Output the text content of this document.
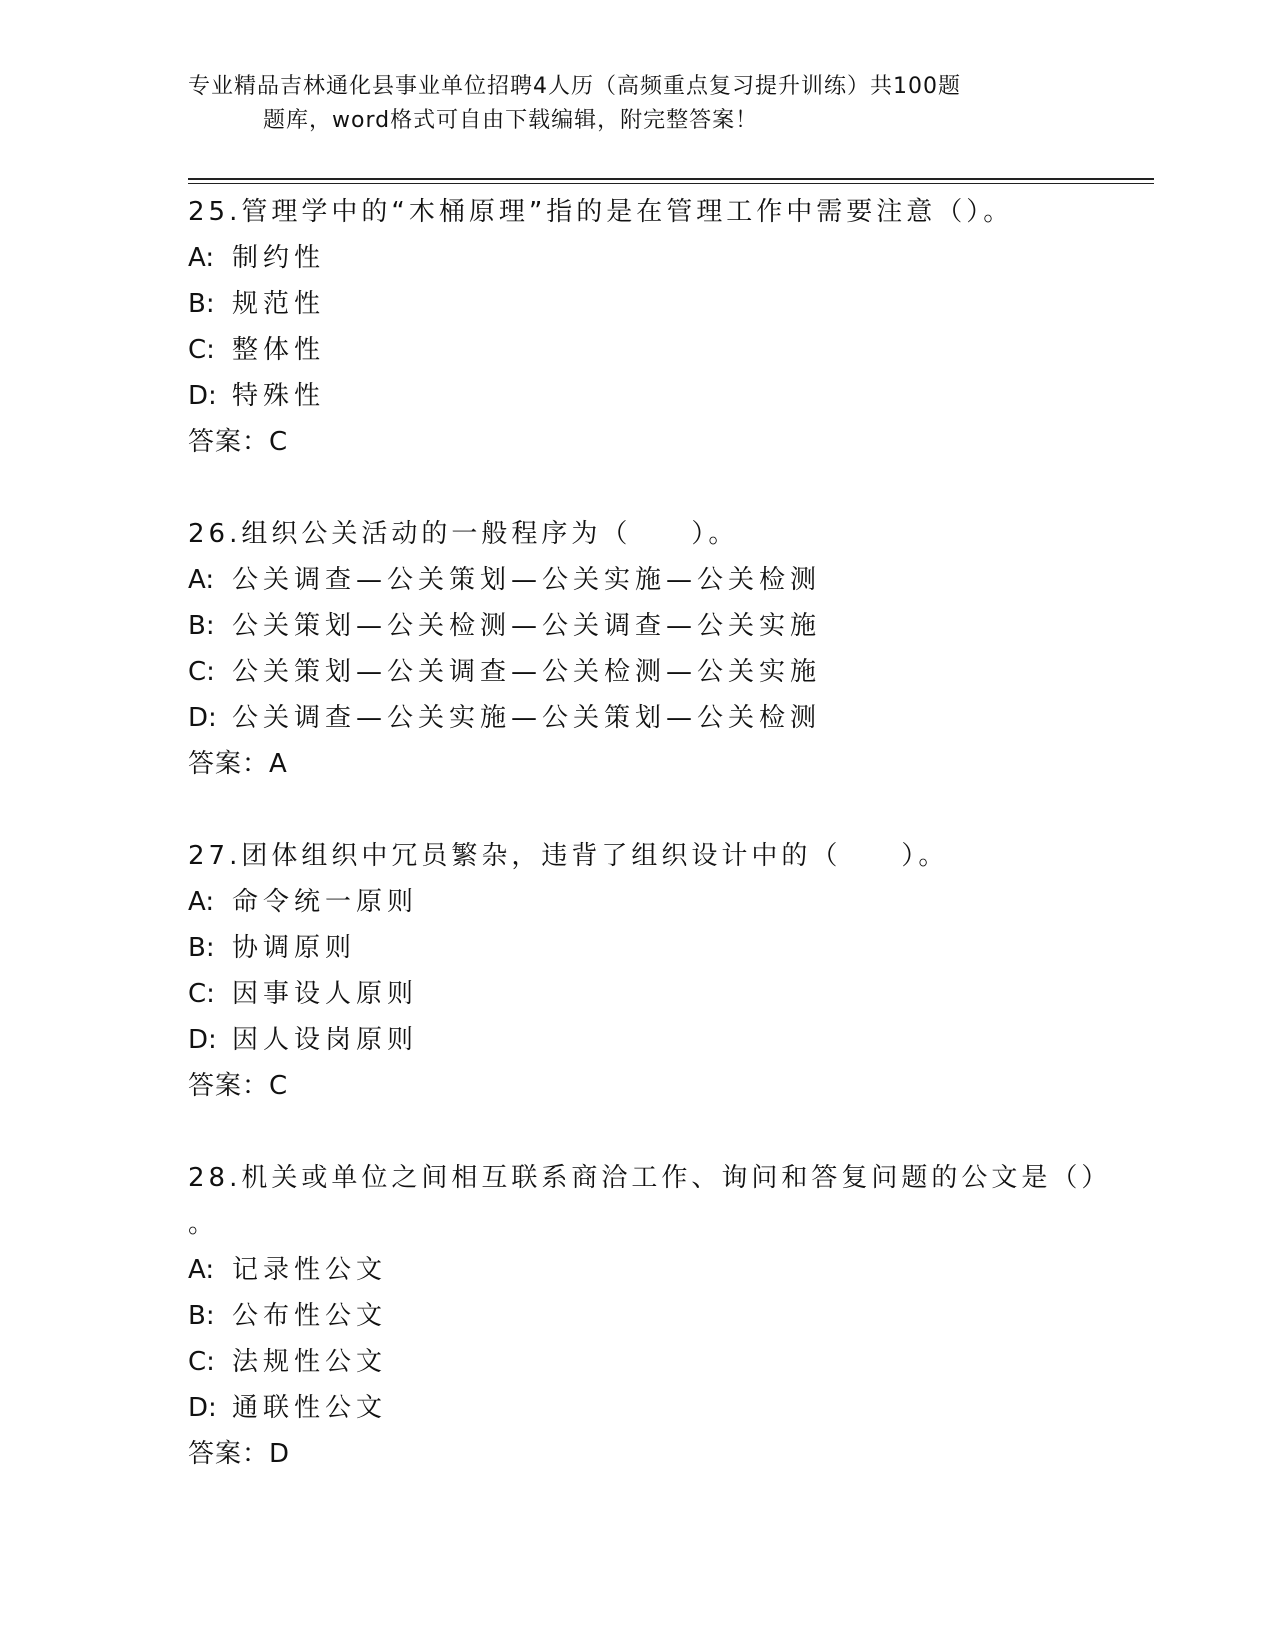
专业精品吉林通化县事业单位招聘4人历（高频重点复习提升训练）共100题
题库，word格式可自由下载编辑，附完整答案！
25.管理学中的“木桶原理”指的是在管理工作中需要注意（）。
A: 制约性
B: 规范性
C: 整体性
D: 特殊性
答案：C
26.组织公关活动的一般程序为（　　）。
A: 公关调查—公关策划—公关实施—公关检测
B: 公关策划—公关检测—公关调查—公关实施
C: 公关策划—公关调查—公关检测—公关实施
D: 公关调查—公关实施—公关策划—公关检测
答案：A
27.团体组织中冗员繁杂，违背了组织设计中的（　　）。
A: 命令统一原则
B: 协调原则
C: 因事设人原则
D: 因人设岗原则
答案：C
28.机关或单位之间相互联系商洽工作、询问和答复问题的公文是（）
。
A: 记录性公文
B: 公布性公文
C: 法规性公文
D: 通联性公文
答案：D
